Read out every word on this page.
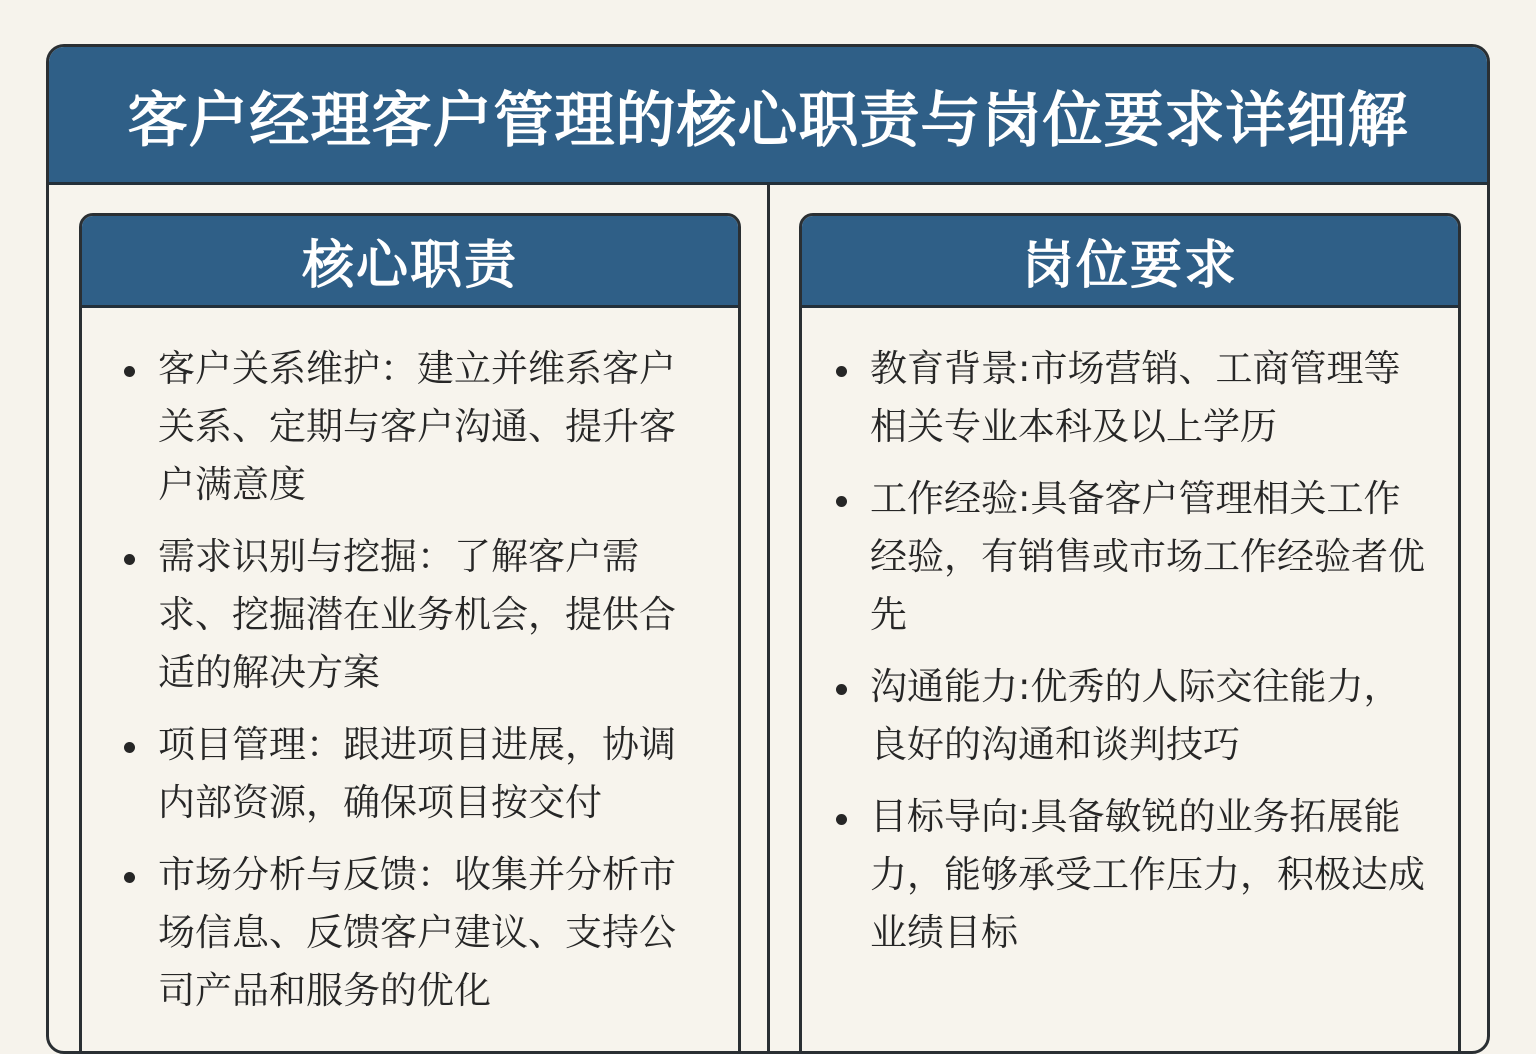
客户经理客户管理的核心职责与岗位要求详细解
核心职责
客户关系维护：建立并维系客户关系、定期与客户沟通、提升客户满意度
需求识别与挖掘：了解客户需求、挖掘潜在业务机会，提供合适的解决方案
项目管理：跟进项目进展，协调内部资源，确保项目按交付
市场分析与反馈：收集并分析市场信息、反馈客户建议、支持公司产品和服务的优化
岗位要求
教育背景:市场营销、工商管理等相关专业本科及以上学历
工作经验:具备客户管理相关工作经验，有销售或市场工作经验者优先
沟通能力:优秀的人际交往能力，良好的沟通和谈判技巧
目标导向:具备敏锐的业务拓展能力，能够承受工作压力，积极达成业绩目标
